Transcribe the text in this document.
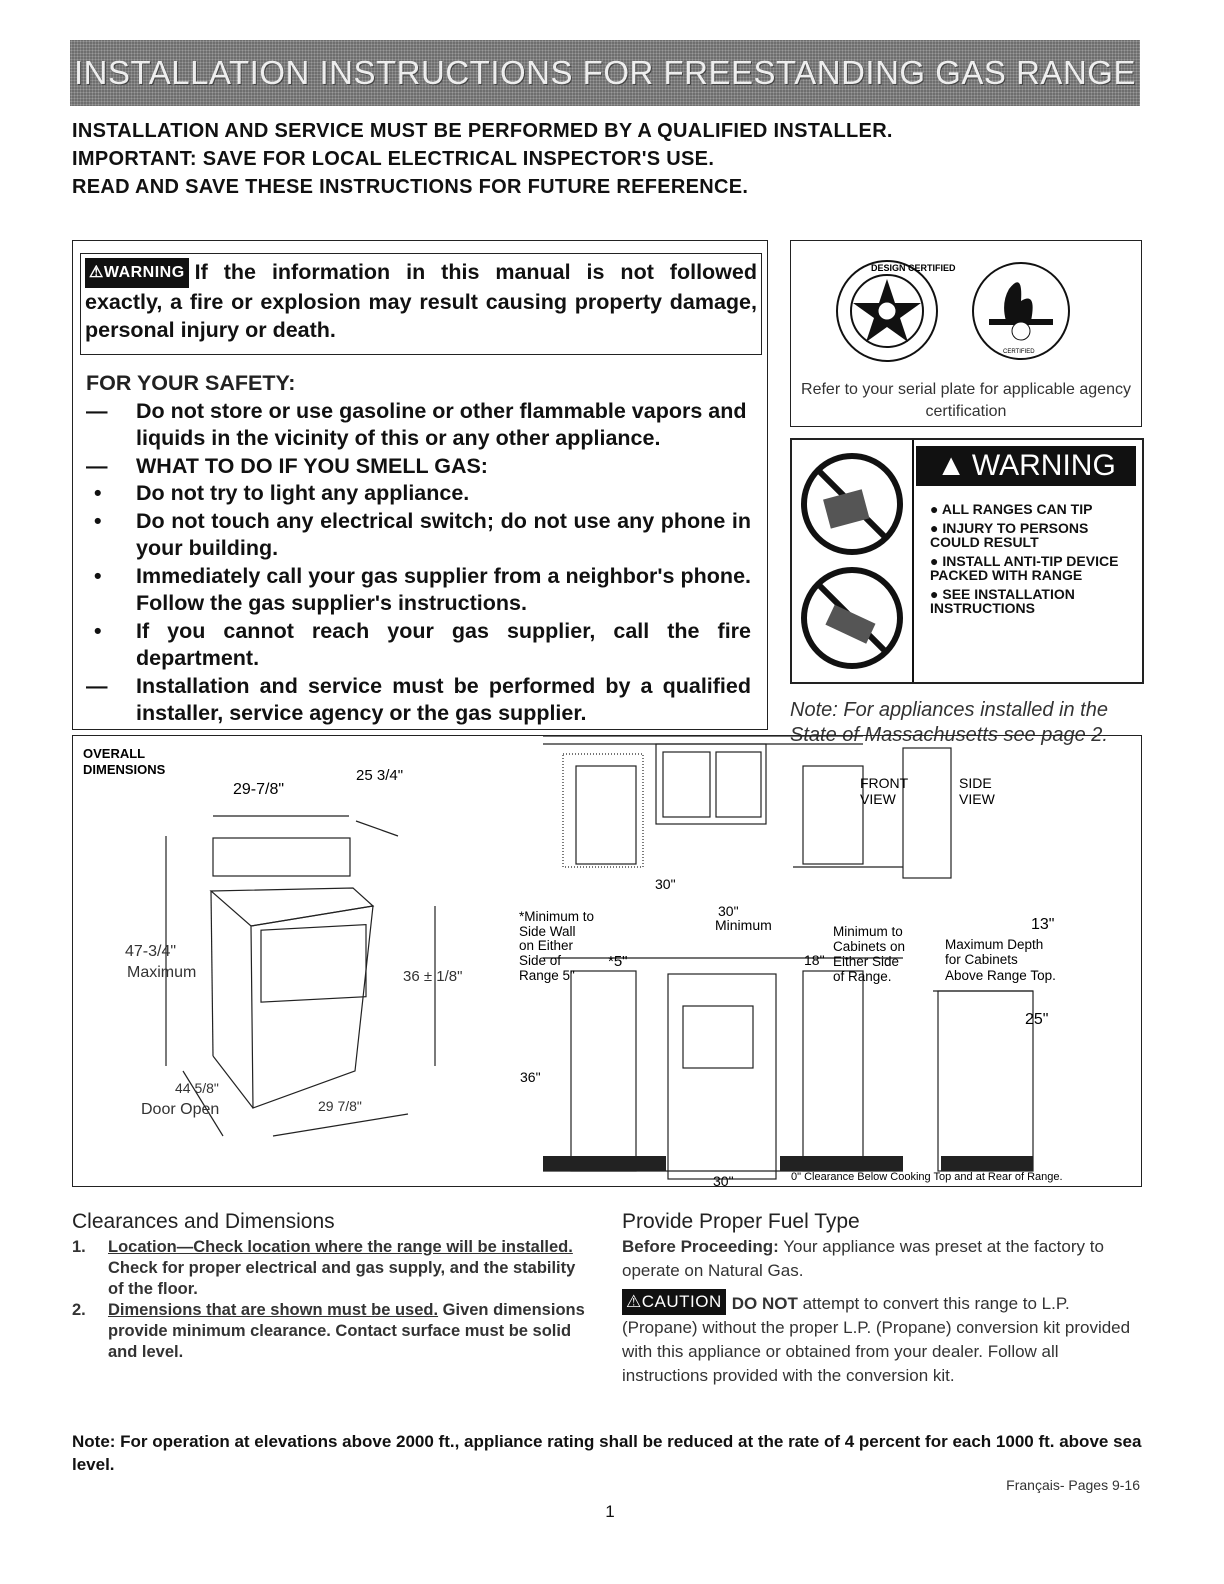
INSTALLATION INSTRUCTIONS FOR FREESTANDING GAS RANGE
INSTALLATION AND SERVICE MUST BE PERFORMED BY A QUALIFIED INSTALLER.
IMPORTANT: SAVE FOR LOCAL ELECTRICAL INSPECTOR'S USE.
READ AND SAVE THESE INSTRUCTIONS FOR FUTURE REFERENCE.
⚠WARNING If the information in this manual is not followed exactly, a fire or explosion may result causing property damage, personal injury or death.
FOR YOUR SAFETY:
— Do not store or use gasoline or other flammable vapors and liquids in the vicinity of this or any other appliance.
— WHAT TO DO IF YOU SMELL GAS:
• Do not try to light any appliance.
• Do not touch any electrical switch; do not use any phone in your building.
• Immediately call your gas supplier from a neighbor's phone. Follow the gas supplier's instructions.
• If you cannot reach your gas supplier, call the fire department.
— Installation and service must be performed by a qualified installer, service agency or the gas supplier.
DESIGN CERTIFIED
CERTIFIED
Refer to your serial plate for applicable agency certification
▲ WARNING
● ALL RANGES CAN TIP
● INJURY TO PERSONS COULD RESULT
● INSTALL ANTI-TIP DEVICE PACKED WITH RANGE
● SEE INSTALLATION INSTRUCTIONS
Note: For appliances installed in the State of Massachusetts see page 2.
OVERALL
DIMENSIONS
29-7/8"
25 3/4"
47-3/4"
Maximum	36 ± 1/8"
44 5/8"
Door Open	29 7/8"
FRONT
VIEW
SIDE
VIEW
30"
30"
Minimum
*Minimum to
Side Wall
on Either
Side of
Range 5"
*5"	18"
Minimum to
Cabinets on
Either Side
of Range.
13"
Maximum Depth
for Cabinets
Above Range Top.
25"
36"
30"	0" Clearance Below Cooking Top and at Rear of Range.
Clearances and Dimensions
1. Location—Check location where the range will be installed. Check for proper electrical and gas supply, and the stability of the floor.
2. Dimensions that are shown must be used. Given dimensions provide minimum clearance. Contact surface must be solid and level.
Provide Proper Fuel Type
Before Proceeding: Your appliance was preset at the factory to operate on Natural Gas.
⚠CAUTION DO NOT attempt to convert this range to L.P. (Propane) without the proper L.P. (Propane) conversion kit provided with this appliance or obtained from your dealer. Follow all instructions provided with the conversion kit.
Note: For operation at elevations above 2000 ft., appliance rating shall be reduced at the rate of 4 percent for each 1000 ft. above sea level.
Français- Pages 9-16
1
